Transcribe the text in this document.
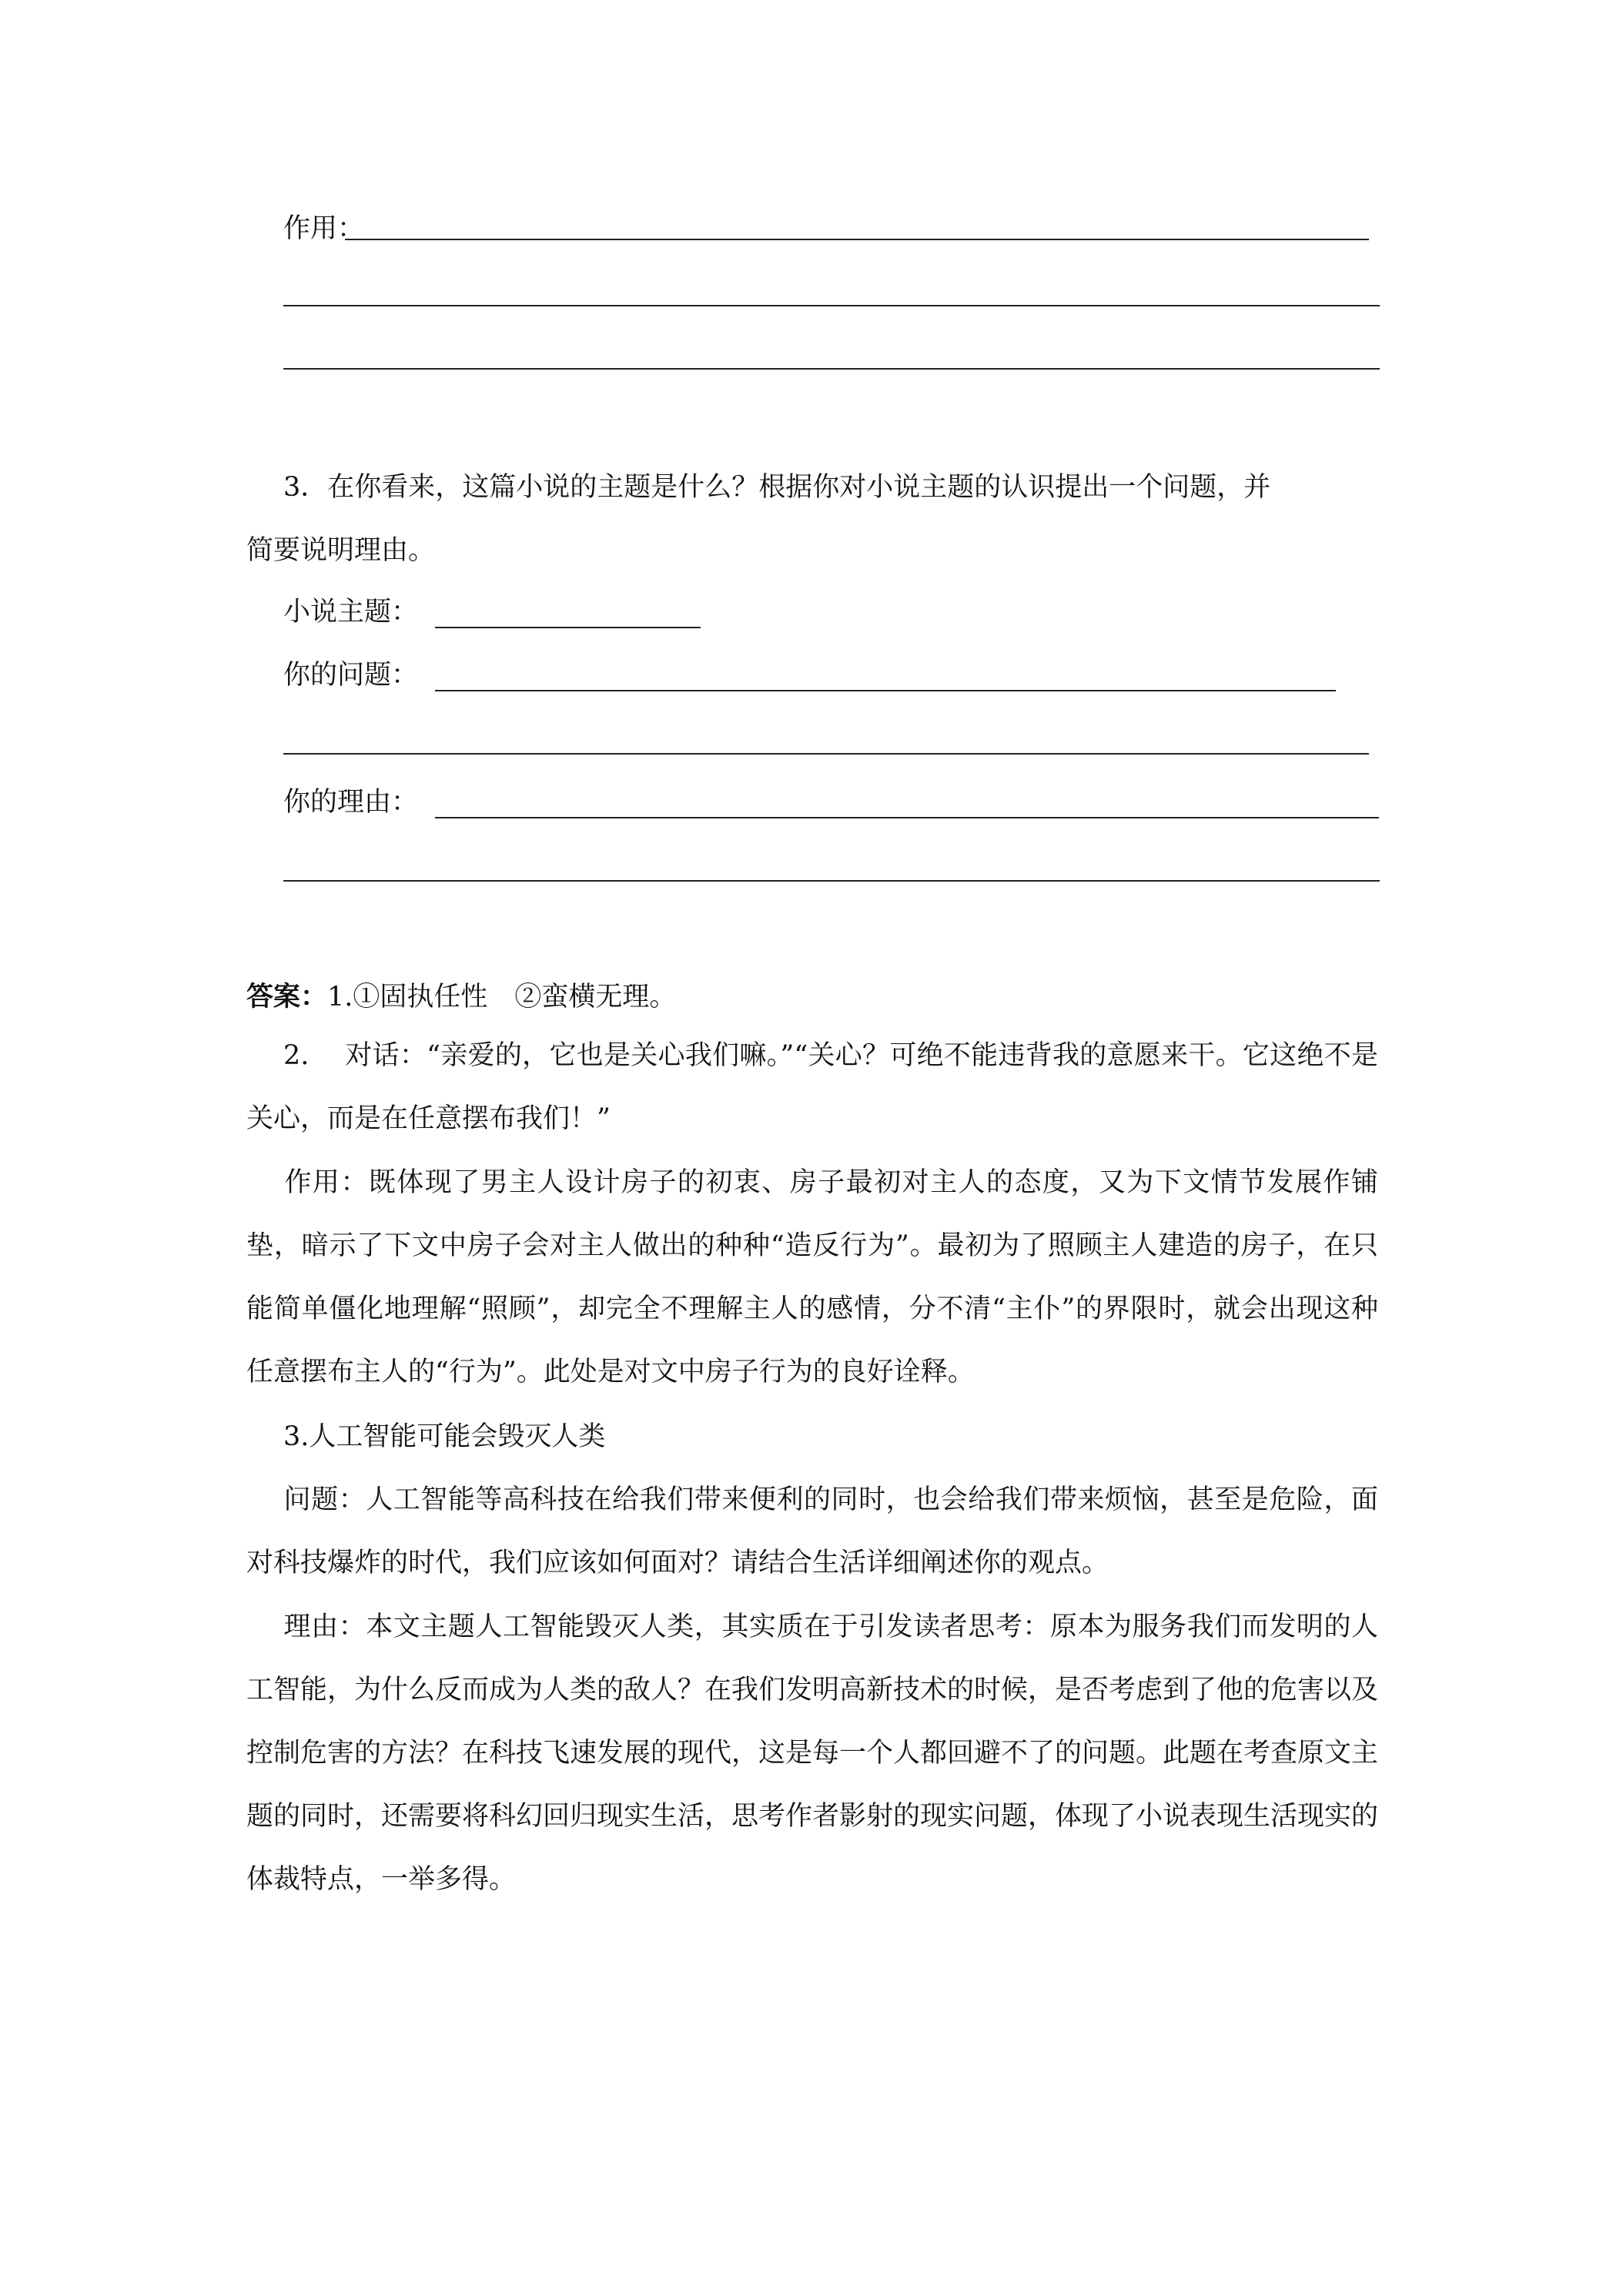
作用：
3．在你看来，这篇小说的主题是什么？根据你对小说主题的认识提出一个问题，并
简要说明理由。
小说主题：
你的问题：
你的理由：
答案：1.①固执任性　②蛮横无理。
2.　 对话：“亲爱的，它也是关心我们嘛。”“关心？可绝不能违背我的意愿来干。它这绝不是关心，而是在任意摆布我们！”
作用：既体现了男主人设计房子的初衷、房子最初对主人的态度，又为下文情节发展作铺垫，暗示了下文中房子会对主人做出的种种“造反行为”。最初为了照顾主人建造的房子，在只能简单僵化地理解“照顾”，却完全不理解主人的感情，分不清“主仆”的界限时，就会出现这种任意摆布主人的“行为”。此处是对文中房子行为的良好诠释。
3.人工智能可能会毁灭人类
问题：人工智能等高科技在给我们带来便利的同时，也会给我们带来烦恼，甚至是危险，面对科技爆炸的时代，我们应该如何面对？请结合生活详细阐述你的观点。
理由：本文主题人工智能毁灭人类，其实质在于引发读者思考：原本为服务我们而发明的人工智能，为什么反而成为人类的敌人？在我们发明高新技术的时候，是否考虑到了他的危害以及控制危害的方法？在科技飞速发展的现代，这是每一个人都回避不了的问题。此题在考查原文主题的同时，还需要将科幻回归现实生活，思考作者影射的现实问题，体现了小说表现生活现实的体裁特点，一举多得。
